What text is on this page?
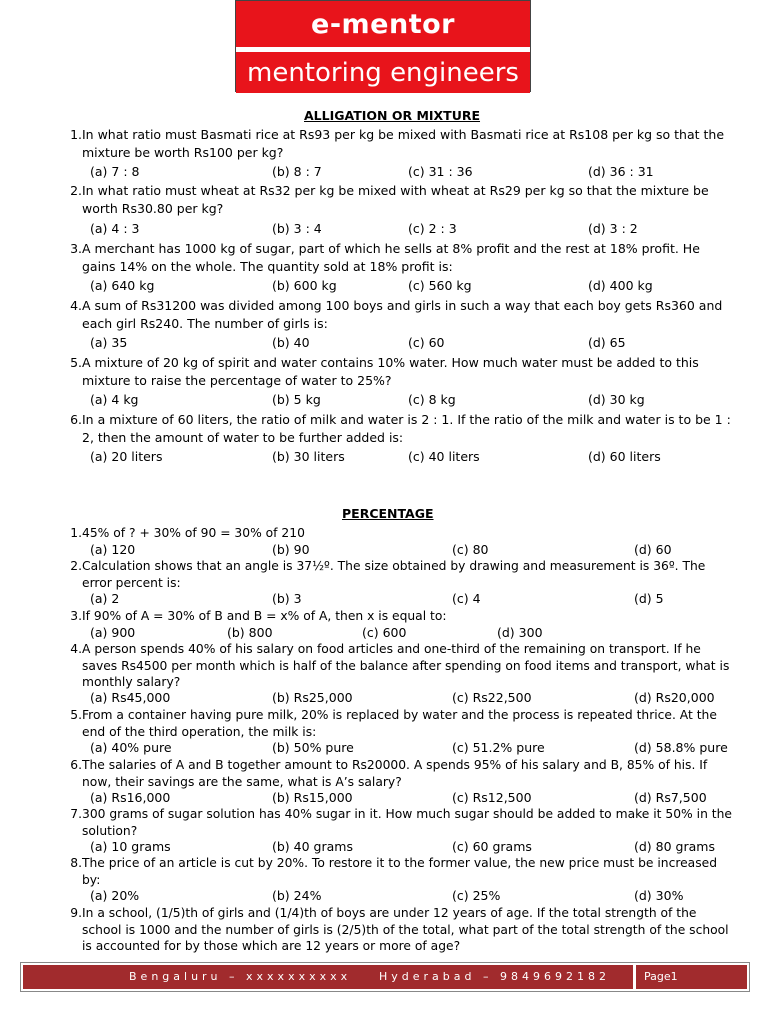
e-mentor
mentoring engineers
ALLIGATION OR MIXTURE
1. In what ratio must Basmati rice at Rs93 per kg be mixed with Basmati rice at Rs108 per kg so that the mixture be worth Rs100 per kg?
(a) 7 : 8	(b) 8 : 7	(c) 31 : 36	(d) 36 : 31
2. In what ratio must wheat at Rs32 per kg be mixed with wheat at Rs29 per kg so that the mixture be worth Rs30.80 per kg?
(a) 4 : 3	(b) 3 : 4	(c) 2 : 3	(d) 3 : 2
3. A merchant has 1000 kg of sugar, part of which he sells at 8% profit and the rest at 18% profit. He gains 14% on the whole. The quantity sold at 18% profit is:
(a) 640 kg	(b) 600 kg	(c) 560 kg	(d) 400 kg
4. A sum of Rs31200 was divided among 100 boys and girls in such a way that each boy gets Rs360 and each girl Rs240. The number of girls is:
(a) 35	(b) 40	(c) 60	(d) 65
5. A mixture of 20 kg of spirit and water contains 10% water. How much water must be added to this mixture to raise the percentage of water to 25%?
(a) 4 kg	(b) 5 kg	(c) 8 kg	(d) 30 kg
6. In a mixture of 60 liters, the ratio of milk and water is 2 : 1. If the ratio of the milk and water is to be 1 : 2, then the amount of water to be further added is:
(a) 20 liters	(b) 30 liters	(c) 40 liters	(d) 60 liters
PERCENTAGE
1. 45% of ? + 30% of 90 = 30% of 210
(a) 120	(b) 90	(c) 80	(d) 60
2. Calculation shows that an angle is 37½º. The size obtained by drawing and measurement is 36º. The error percent is:
(a) 2	(b) 3	(c) 4	(d) 5
3. If 90% of A = 30% of B and B = x% of A, then x is equal to:
(a) 900	(b) 800	(c) 600	(d) 300
4. A person spends 40% of his salary on food articles and one-third of the remaining on transport. If he saves Rs4500 per month which is half of the balance after spending on food items and transport, what is monthly salary?
(a) Rs45,000	(b) Rs25,000	(c) Rs22,500	(d) Rs20,000
5. From a container having pure milk, 20% is replaced by water and the process is repeated thrice. At the end of the third operation, the milk is:
(a) 40% pure	(b) 50% pure	(c) 51.2% pure	(d) 58.8% pure
6. The salaries of A and B together amount to Rs20000. A spends 95% of his salary and B, 85% of his. If now, their savings are the same, what is A’s salary?
(a) Rs16,000	(b) Rs15,000	(c) Rs12,500	(d) Rs7,500
7. 300 grams of sugar solution has 40% sugar in it. How much sugar should be added to make it 50% in the solution?
(a) 10 grams	(b) 40 grams	(c) 60 grams	(d) 80 grams
8. The price of an article is cut by 20%. To restore it to the former value, the new price must be increased by:
(a) 20%	(b) 24%	(c) 25%	(d) 30%
9. In a school, (1/5)th of girls and (1/4)th of boys are under 12 years of age. If the total strength of the school is 1000 and the number of girls is (2/5)th of the total, what part of the total strength of the school is accounted for by those which are 12 years or more of age?
Bengaluru – xxxxxxxxxx	Hyderabad – 9849692182	Page1
